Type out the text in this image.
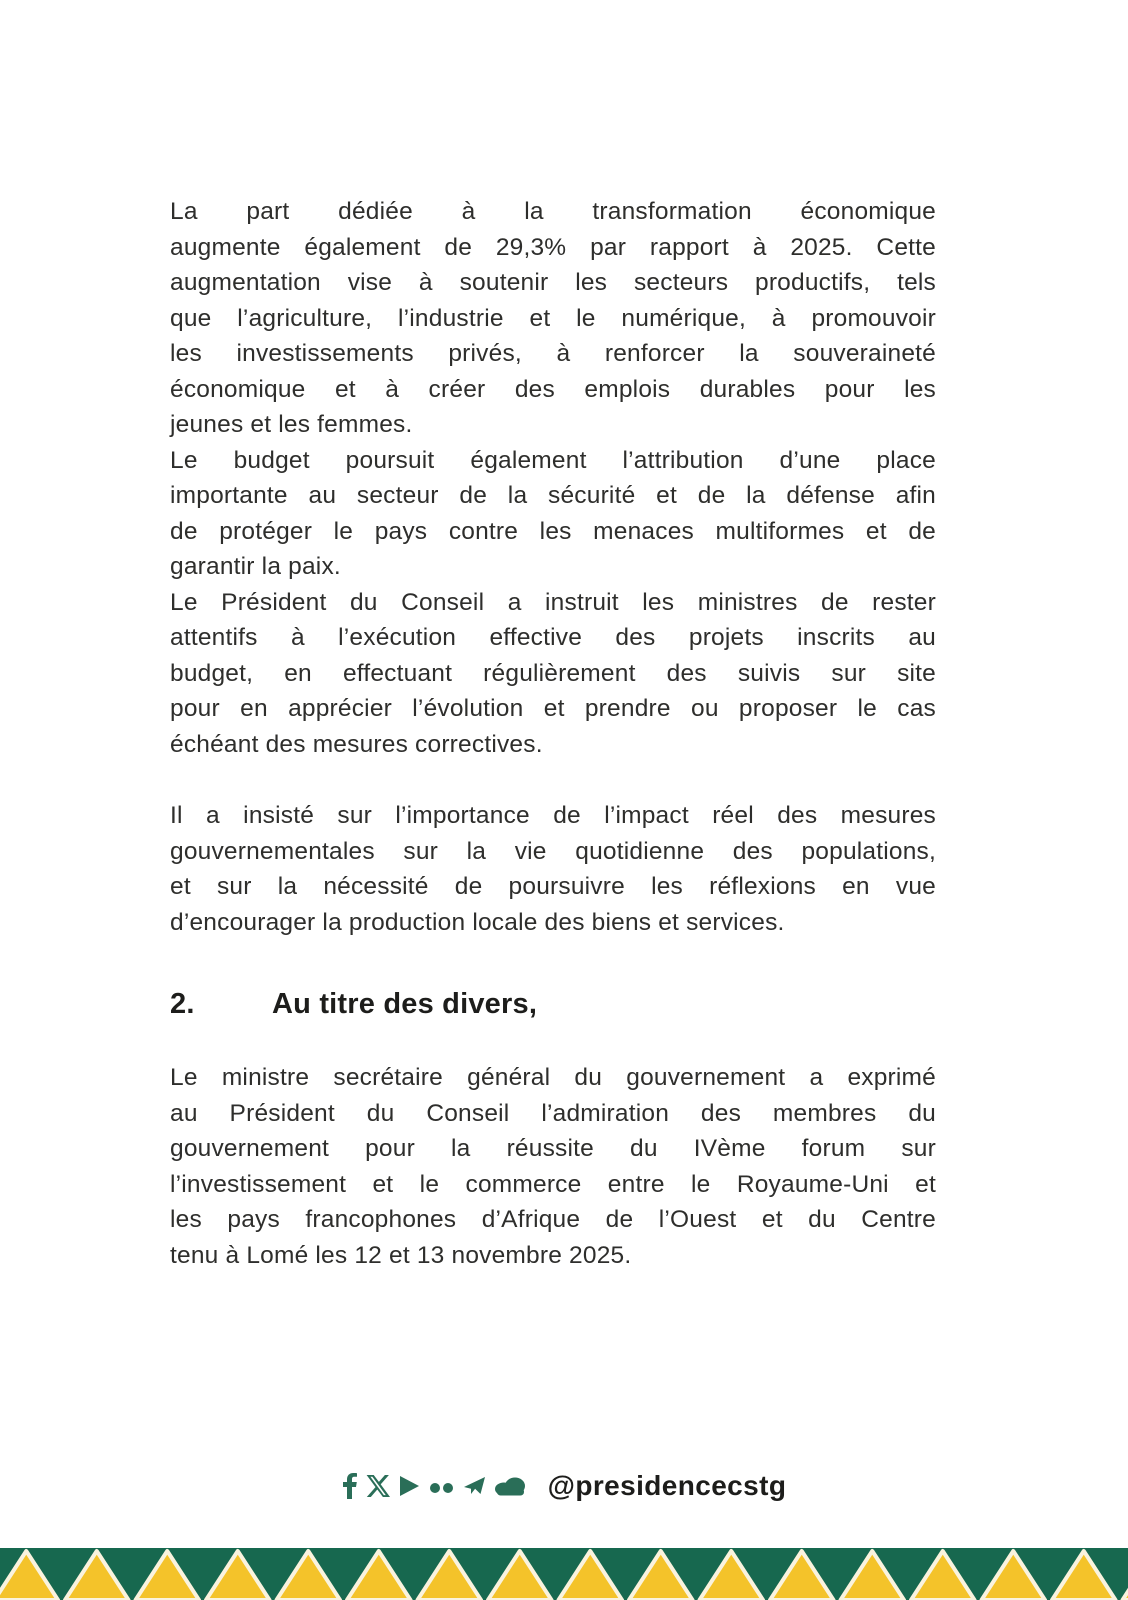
La part dédiée à la transformation économique
augmente également de 29,3% par rapport à 2025. Cette
augmentation vise à soutenir les secteurs productifs, tels
que l’agriculture, l’industrie et le numérique, à promouvoir
les investissements privés, à renforcer la souveraineté
économique et à créer des emplois durables pour les
jeunes et les femmes.
Le budget poursuit également l’attribution d’une place
importante au secteur de la sécurité et de la défense afin
de protéger le pays contre les menaces multiformes et de
garantir la paix.
Le Président du Conseil a instruit les ministres de rester
attentifs à l’exécution effective des projets inscrits au
budget, en effectuant régulièrement des suivis sur site
pour en apprécier l’évolution et prendre ou proposer le cas
échéant des mesures correctives.
Il a insisté sur l’importance de l’impact réel des mesures
gouvernementales sur la vie quotidienne des populations,
et sur la nécessité de poursuivre les réflexions en vue
d’encourager la production locale des biens et services.
2.	Au titre des divers,
Le ministre secrétaire général du gouvernement a exprimé
au Président du Conseil l’admiration des membres du
gouvernement pour la réussite du IVème forum sur
l’investissement et le commerce entre le Royaume-Uni et
les pays francophones d’Afrique de l’Ouest et du Centre
tenu à Lomé les 12 et 13 novembre 2025.
@presidencecstg
